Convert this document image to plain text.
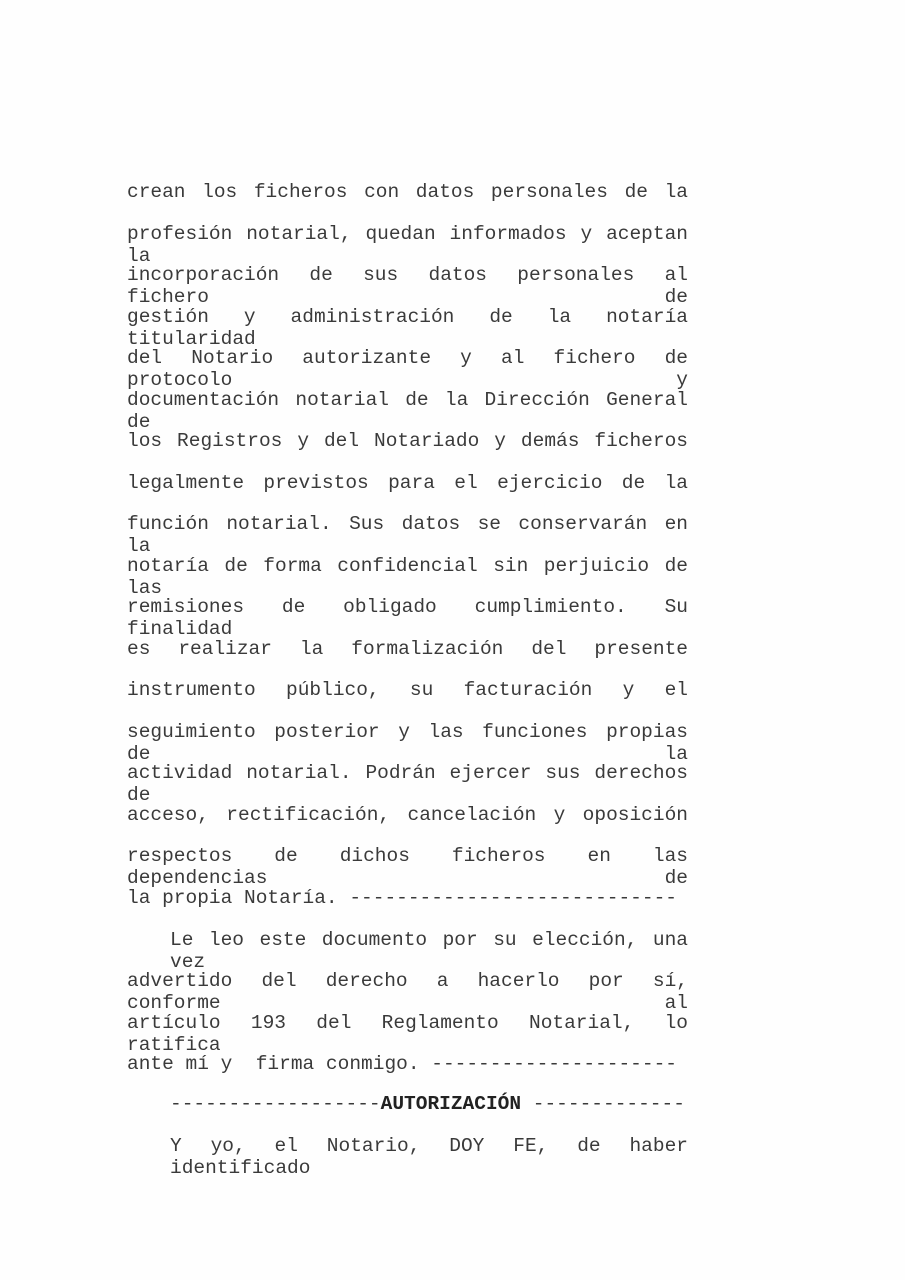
crean los ficheros con datos personales de la
profesión notarial, quedan informados y aceptan la
incorporación de sus datos personales al fichero de
gestión y administración de la notaría titularidad
del Notario autorizante y al fichero de protocolo y
documentación notarial de la Dirección General de
los Registros y del Notariado y demás ficheros
legalmente previstos para el ejercicio de la
función notarial. Sus datos se conservarán en la
notaría de forma confidencial sin perjuicio de las
remisiones de obligado cumplimiento. Su finalidad
es realizar la formalización del presente
instrumento público, su facturación y el
seguimiento posterior y las funciones propias de la
actividad notarial. Podrán ejercer sus derechos de
acceso, rectificación, cancelación y oposición
respectos de dichos ficheros en las dependencias de
la propia Notaría. ----------------------------
Le leo este documento por su elección, una vez
advertido del derecho a hacerlo por sí, conforme al
artículo 193 del Reglamento Notarial, lo ratifica
ante mí y  firma conmigo. ---------------------
------------------AUTORIZACIÓN -------------
Y yo, el Notario, DOY FE, de haber identificado
